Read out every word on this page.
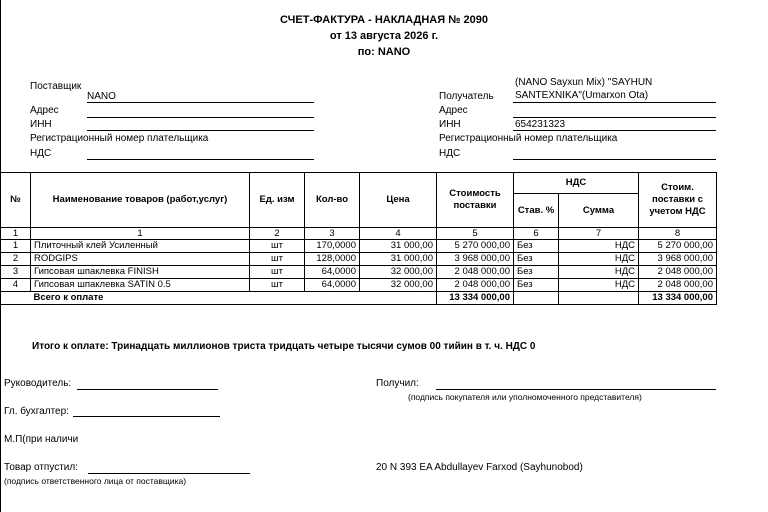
СЧЕТ-ФАКТУРА - НАКЛАДНАЯ № 2090
от 13 августа 2026 г.
по: NANO
Поставщик
NANO
Адрес
ИНН
Регистрационный номер плательщика
НДС
(NANO Sayxun Mix) "SAYHUN
Получатель SANTEXNIKA"(Umarxon Ota)
Адрес
ИНН	654231323
Регистрационный номер плательщика
НДС
№	Наименование товаров (работ,услуг)	Ед. изм	Кол-во	Цена	Стоимость поставки	НДС		Стоим. поставки с учетом НДС
						Став. %	Сумма	
1	1	2	3	4	5	6	7	8
1	Плиточный клей Усиленный	шт	170,0000	31 000,00	5 270 000,00	Без	НДС	5 270 000,00
2	RODGIPS	шт	128,0000	31 000,00	3 968 000,00	Без	НДС	3 968 000,00
3	Гипсовая шпаклевка FINISH	шт	64,0000	32 000,00	2 048 000,00	Без	НДС	2 048 000,00
4	Гипсовая шпаклевка SATIN 0.5	шт	64,0000	32 000,00	2 048 000,00	Без	НДС	2 048 000,00
	Всего к оплате				13 334 000,00			13 334 000,00
Итого к оплате: Тринадцать миллионов триста тридцать четыре тысячи сумов 00 тийин в т. ч. НДС 0
Руководитель:	Получил:
(подпись покупателя или уполномоченного представителя)
Гл. бухгалтер:
М.П(при наличи
Товар отпустил:
(подпись ответственного лица от поставщика)
20 N 393 EA Abdullayev Farxod (Sayhunobod)
